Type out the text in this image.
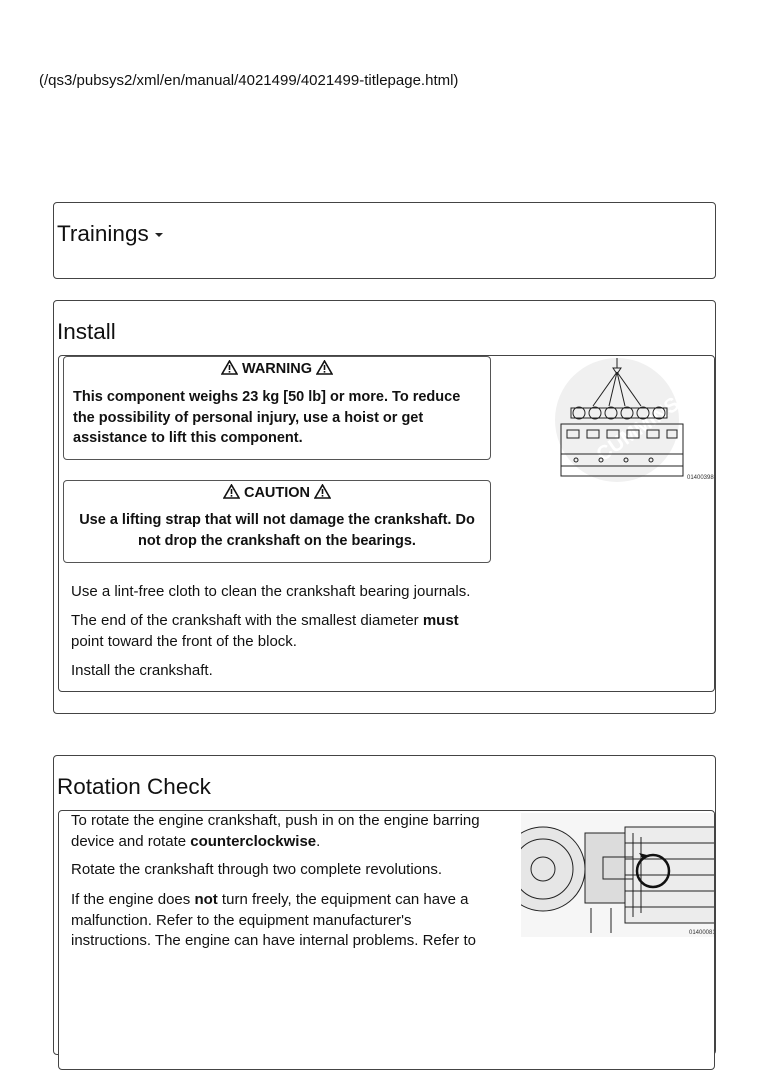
(/qs3/pubsys2/xml/en/manual/4021499/4021499-titlepage.html)
Trainings
Install
WARNING
This component weighs 23 kg [50 lb] or more. To reduce the possibility of personal injury, use a hoist or get assistance to lift this component.
CAUTION
Use a lifting strap that will not damage the crankshaft. Do not drop the crankshaft on the bearings.
Use a lint-free cloth to clean the crankshaft bearing journals.
The end of the crankshaft with the smallest diameter must point toward the front of the block.
Install the crankshaft.
CUMMINS
01400398
Rotation Check
To rotate the engine crankshaft, push in on the engine barring device and rotate counterclockwise.
Rotate the crankshaft through two complete revolutions.
If the engine does not turn freely, the equipment can have a malfunction. Refer to the equipment manufacturer's instructions. The engine can have internal problems. Refer to	01400081
